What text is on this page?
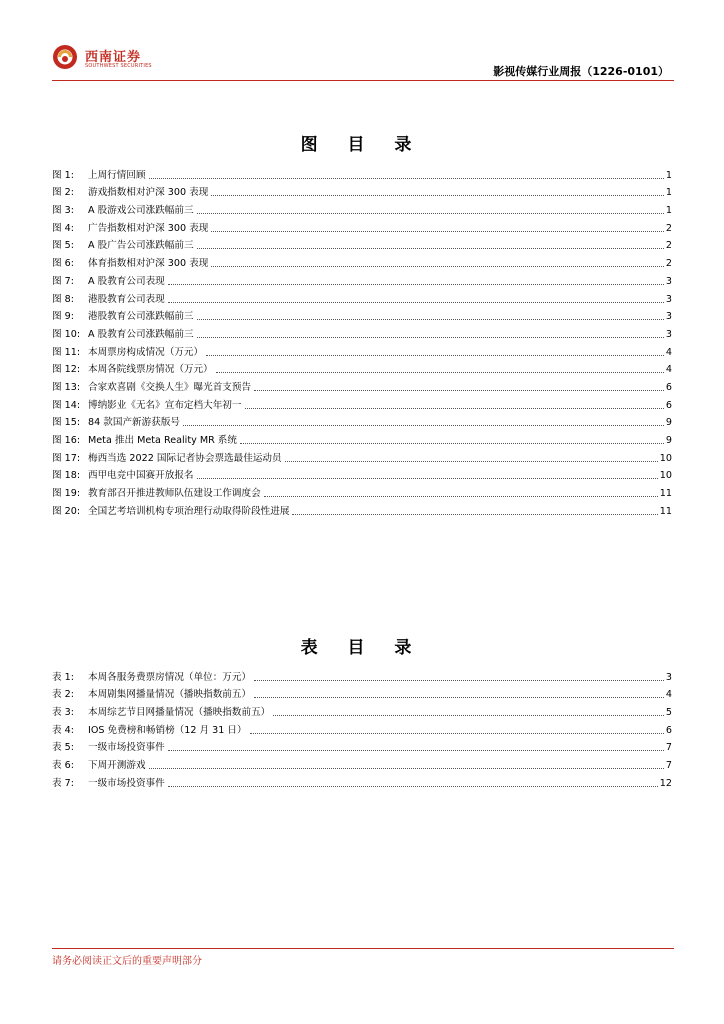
西南证券
SOUTHWEST SECURITIES	影视传媒行业周报（1226-0101）
图 目 录
图 1: 上周行情回顾	1
图 2: 游戏指数相对沪深 300 表现	1
图 3: A 股游戏公司涨跌幅前三	1
图 4: 广告指数相对沪深 300 表现	2
图 5: A 股广告公司涨跌幅前三	2
图 6: 体育指数相对沪深 300 表现	2
图 7: A 股教育公司表现	3
图 8: 港股教育公司表现	3
图 9: 港股教育公司涨跌幅前三	3
图 10: A 股教育公司涨跌幅前三	3
图 11: 本周票房构成情况（万元）	4
图 12: 本周各院线票房情况（万元）	4
图 13: 合家欢喜剧《交换人生》曝光首支预告	6
图 14: 博纳影业《无名》宣布定档大年初一	6
图 15: 84 款国产新游获版号	9
图 16: Meta 推出 Meta Reality MR 系统	9
图 17: 梅西当选 2022 国际记者协会票选最佳运动员	10
图 18: 西甲电竞中国赛开放报名	10
图 19: 教育部召开推进教师队伍建设工作调度会	11
图 20: 全国艺考培训机构专项治理行动取得阶段性进展	11
表 目 录
表 1: 本周各服务费票房情况（单位：万元）	3
表 2: 本周剧集网播量情况（播映指数前五）	4
表 3: 本周综艺节目网播量情况（播映指数前五）	5
表 4: IOS 免费榜和畅销榜（12 月 31 日）	6
表 5: 一级市场投资事件	7
表 6: 下周开测游戏	7
表 7: 一级市场投资事件	12
请务必阅读正文后的重要声明部分
